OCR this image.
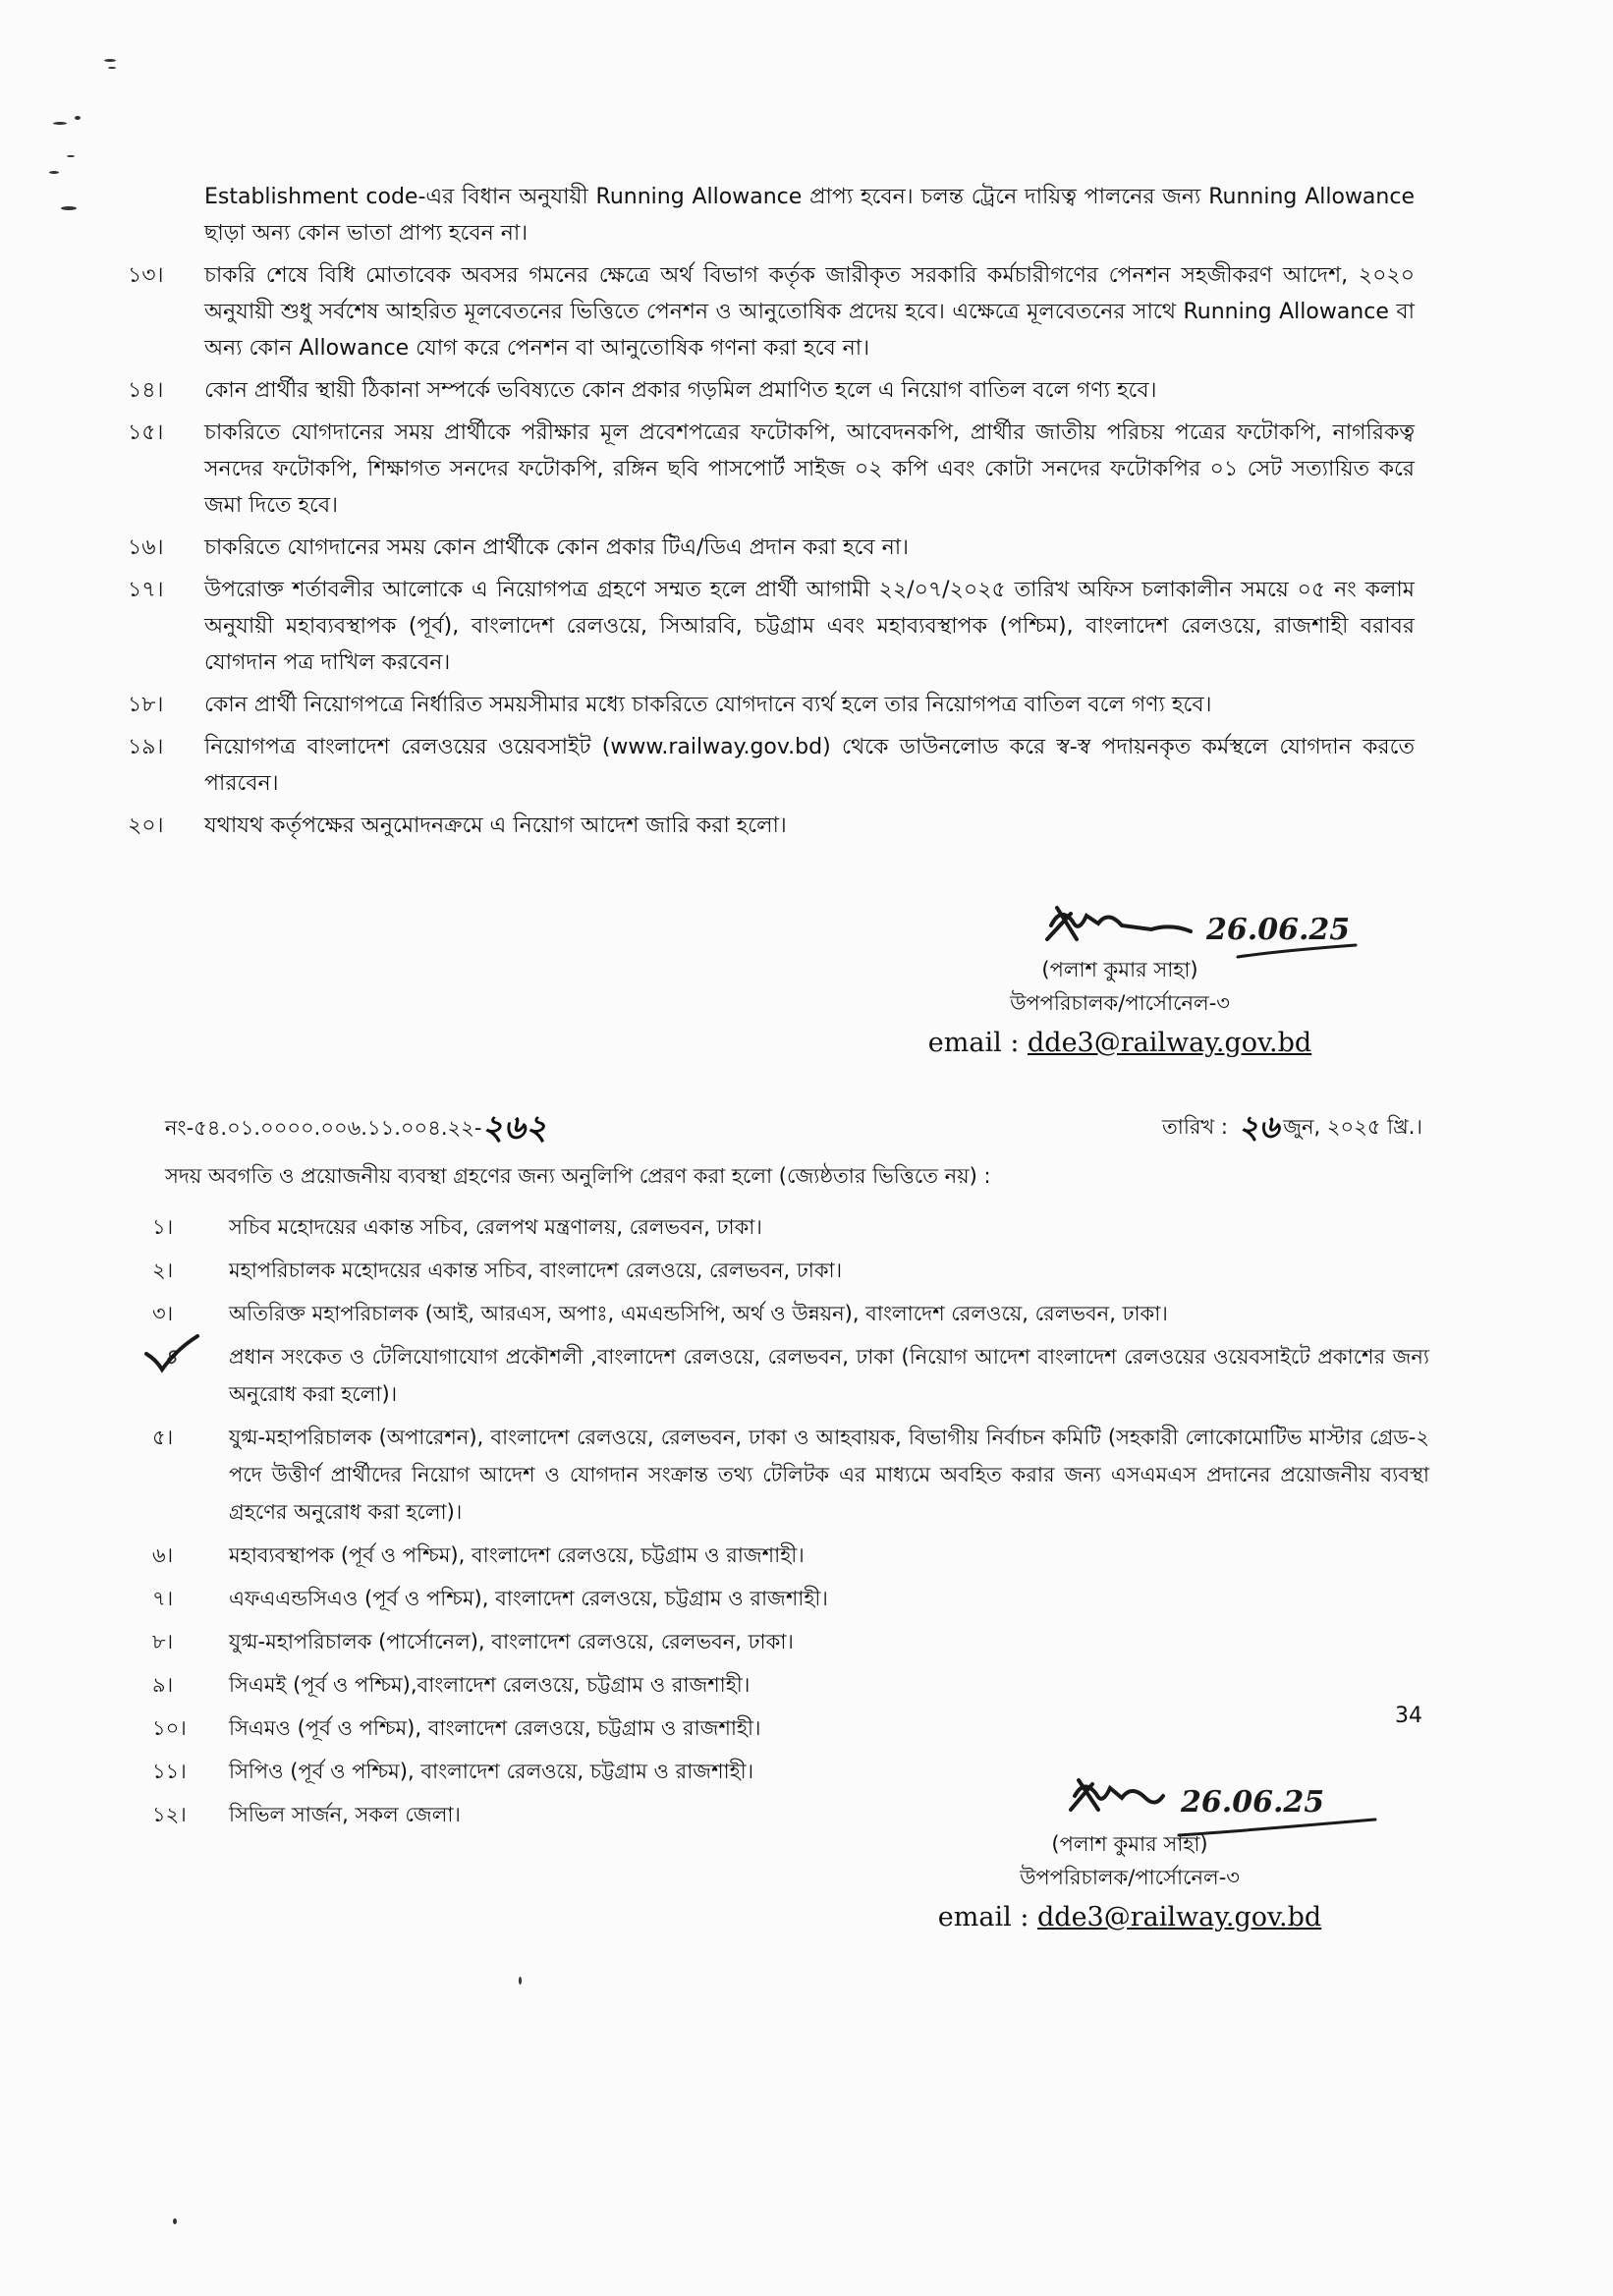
Establishment code-এর বিধান অনুযায়ী Running Allowance প্রাপ্য হবেন। চলন্ত ট্রেনে দায়িত্ব পালনের জন্য Running Allowance ছাড়া অন্য কোন ভাতা প্রাপ্য হবেন না।
১৩।	চাকরি শেষে বিধি মোতাবেক অবসর গমনের ক্ষেত্রে অর্থ বিভাগ কর্তৃক জারীকৃত সরকারি কর্মচারীগণের পেনশন সহজীকরণ আদেশ, ২০২০ অনুযায়ী শুধু সর্বশেষ আহরিত মূলবেতনের ভিত্তিতে পেনশন ও আনুতোষিক প্রদেয় হবে। এক্ষেত্রে মূলবেতনের সাথে Running Allowance বা অন্য কোন Allowance যোগ করে পেনশন বা আনুতোষিক গণনা করা হবে না।
১৪।	কোন প্রার্থীর স্থায়ী ঠিকানা সম্পর্কে ভবিষ্যতে কোন প্রকার গড়মিল প্রমাণিত হলে এ নিয়োগ বাতিল বলে গণ্য হবে।
১৫।	চাকরিতে যোগদানের সময় প্রার্থীকে পরীক্ষার মূল প্রবেশপত্রের ফটোকপি, আবেদনকপি, প্রার্থীর জাতীয় পরিচয় পত্রের ফটোকপি, নাগরিকত্ব সনদের ফটোকপি, শিক্ষাগত সনদের ফটোকপি, রঙ্গিন ছবি পাসপোর্ট সাইজ ০২ কপি এবং কোটা সনদের ফটোকপির ০১ সেট সত্যায়িত করে জমা দিতে হবে।
১৬।	চাকরিতে যোগদানের সময় কোন প্রার্থীকে কোন প্রকার টিএ/ডিএ প্রদান করা হবে না।
১৭।	উপরোক্ত শর্তাবলীর আলোকে এ নিয়োগপত্র গ্রহণে সম্মত হলে প্রার্থী আগামী ২২/০৭/২০২৫ তারিখ অফিস চলাকালীন সময়ে ০৫ নং কলাম অনুযায়ী মহাব্যবস্থাপক (পূর্ব), বাংলাদেশ রেলওয়ে, সিআরবি, চট্টগ্রাম এবং মহাব্যবস্থাপক (পশ্চিম), বাংলাদেশ রেলওয়ে, রাজশাহী বরাবর যোগদান পত্র দাখিল করবেন।
১৮।	কোন প্রার্থী নিয়োগপত্রে নির্ধারিত সময়সীমার মধ্যে চাকরিতে যোগদানে ব্যর্থ হলে তার নিয়োগপত্র বাতিল বলে গণ্য হবে।
১৯।	নিয়োগপত্র বাংলাদেশ রেলওয়ের ওয়েবসাইট (www.railway.gov.bd) থেকে ডাউনলোড করে স্ব-স্ব পদায়নকৃত কর্মস্থলে যোগদান করতে পারবেন।
২০।	যথাযথ কর্তৃপক্ষের অনুমোদনক্রমে এ নিয়োগ আদেশ জারি করা হলো।
26.06.25
(পলাশ কুমার সাহা)
উপপরিচালক/পার্সোনেল-৩
email : dde3@railway.gov.bd
নং-৫৪.০১.০০০০.০০৬.১১.০০৪.২২-২৬২	তারিখ : ২৬ জুন, ২০২৫ খ্রি.।
সদয় অবগতি ও প্রয়োজনীয় ব্যবস্থা গ্রহণের জন্য অনুলিপি প্রেরণ করা হলো (জ্যেষ্ঠতার ভিত্তিতে নয়) :
১।	সচিব মহোদয়ের একান্ত সচিব, রেলপথ মন্ত্রণালয়, রেলভবন, ঢাকা।
২।	মহাপরিচালক মহোদয়ের একান্ত সচিব, বাংলাদেশ রেলওয়ে, রেলভবন, ঢাকা।
৩।	অতিরিক্ত মহাপরিচালক (আই, আরএস, অপাঃ, এমএন্ডসিপি, অর্থ ও উন্নয়ন), বাংলাদেশ রেলওয়ে, রেলভবন, ঢাকা।
৪	প্রধান সংকেত ও টেলিযোগাযোগ প্রকৌশলী ,বাংলাদেশ রেলওয়ে, রেলভবন, ঢাকা (নিয়োগ আদেশ বাংলাদেশ রেলওয়ের ওয়েবসাইটে প্রকাশের জন্য অনুরোধ করা হলো)।
৫।	যুগ্ম-মহাপরিচালক (অপারেশন), বাংলাদেশ রেলওয়ে, রেলভবন, ঢাকা ও আহবায়ক, বিভাগীয় নির্বাচন কমিটি (সহকারী লোকোমোটিভ মাস্টার গ্রেড-২ পদে উত্তীর্ণ প্রার্থীদের নিয়োগ আদেশ ও যোগদান সংক্রান্ত তথ্য টেলিটক এর মাধ্যমে অবহিত করার জন্য এসএমএস প্রদানের প্রয়োজনীয় ব্যবস্থা গ্রহণের অনুরোধ করা হলো)।
৬।	মহাব্যবস্থাপক (পূর্ব ও পশ্চিম), বাংলাদেশ রেলওয়ে, চট্টগ্রাম ও রাজশাহী।
৭।	এফএএন্ডসিএও (পূর্ব ও পশ্চিম), বাংলাদেশ রেলওয়ে, চট্টগ্রাম ও রাজশাহী।
৮।	যুগ্ম-মহাপরিচালক (পার্সোনেল), বাংলাদেশ রেলওয়ে, রেলভবন, ঢাকা।
৯।	সিএমই (পূর্ব ও পশ্চিম),বাংলাদেশ রেলওয়ে, চট্টগ্রাম ও রাজশাহী।
১০।	সিএমও (পূর্ব ও পশ্চিম), বাংলাদেশ রেলওয়ে, চট্টগ্রাম ও রাজশাহী।
১১।	সিপিও (পূর্ব ও পশ্চিম), বাংলাদেশ রেলওয়ে, চট্টগ্রাম ও রাজশাহী।
১২।	সিভিল সার্জন, সকল জেলা।	26.06.25
(পলাশ কুমার সাহা)
উপপরিচালক/পার্সোনেল-৩
email : dde3@railway.gov.bd
34
